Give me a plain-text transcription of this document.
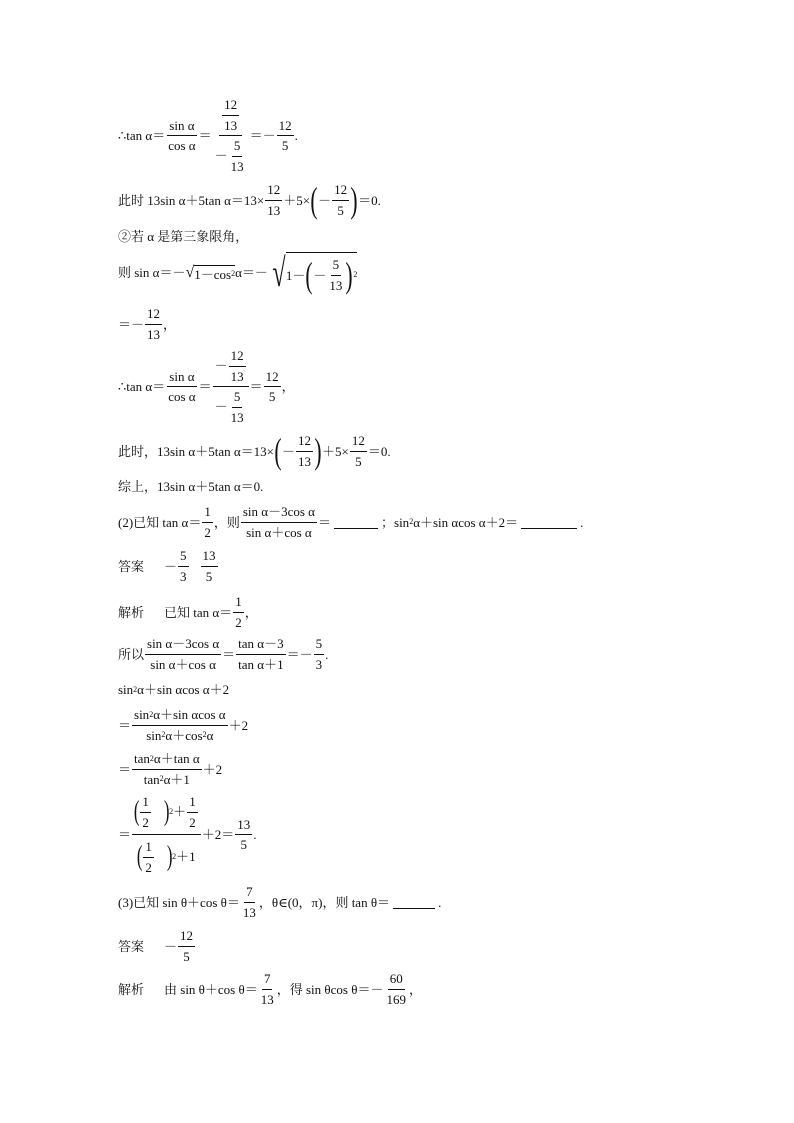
∴tan $\alpha= \frac{\text{sin α}}{\text{cos α}} = \frac{\frac{12}{13}}{- \frac{5}{13}} =- \frac{12}{5}$ .
此时 13sin α＋5tan $\alpha=13\times \frac{12}{13} +5\times$ ( － $\frac{12}{5}$ ) ＝0.
②若 α 是第三象限角，
则 sin α＝－ √ 1－cos 2 α＝－ √ 1－ ( － $\frac{5}{13}$ ) 2
＝－ $\frac{12}{13}$ ，
∴tan $\alpha= \frac{\text{sin α}}{\text{cos α}} = \frac{- \frac{12}{13}}{- \frac{5}{13}} = \frac{12}{5}$ ，
此时，13sin α＋5tan α＝13× ( － $\frac{12}{13}$ ) $+5\times \frac{12}{5} =0$.
综上，13sin α＋5tan α＝0.
(2)已知 $\tan \alpha= \frac{1}{2}$ ，则 $\frac{\text{sin α－3cos α}}{\text{sin α＋cos α}}$ ＝	；sin 2 α＋sin αcos α＋2＝	.
答案 － $\frac{5}{3} \frac{13}{5}$
解析 已知 $\tan \alpha= \frac{1}{2}$ ，
所以 $\frac{\text{sin α－3cos α}}{\text{sin α＋cos α}} = \frac{\text{tan α－3}}{\text{tan α＋1}} =- \frac{5}{3}$ .
sin 2 α＋sin αcos α＋2
＝ $\frac{\text{sin 2 α＋sin αcos α}}{\sin 2 \alpha+\cos 2 \alpha} +2$
＝ $\frac{\text{tan 2 α＋tan α}}{\tan 2 \alpha+1} +2$
＝ $\frac{( \frac{1}{2} ) 2 + \frac{1}{2}}{( \frac{1}{2} ) 2 +1} +2= \frac{13}{5}$ .
(3)已知 sin θ＋cos $\theta= \frac{7}{13}$ ，θ∈(0，π)，则 tan θ＝	.
答案 － $\frac{12}{5}$
解析 由 sin θ＋cos $\theta= \frac{7}{13}$ ，得 sin θcos $\theta=- \frac{60}{169}$ ，
